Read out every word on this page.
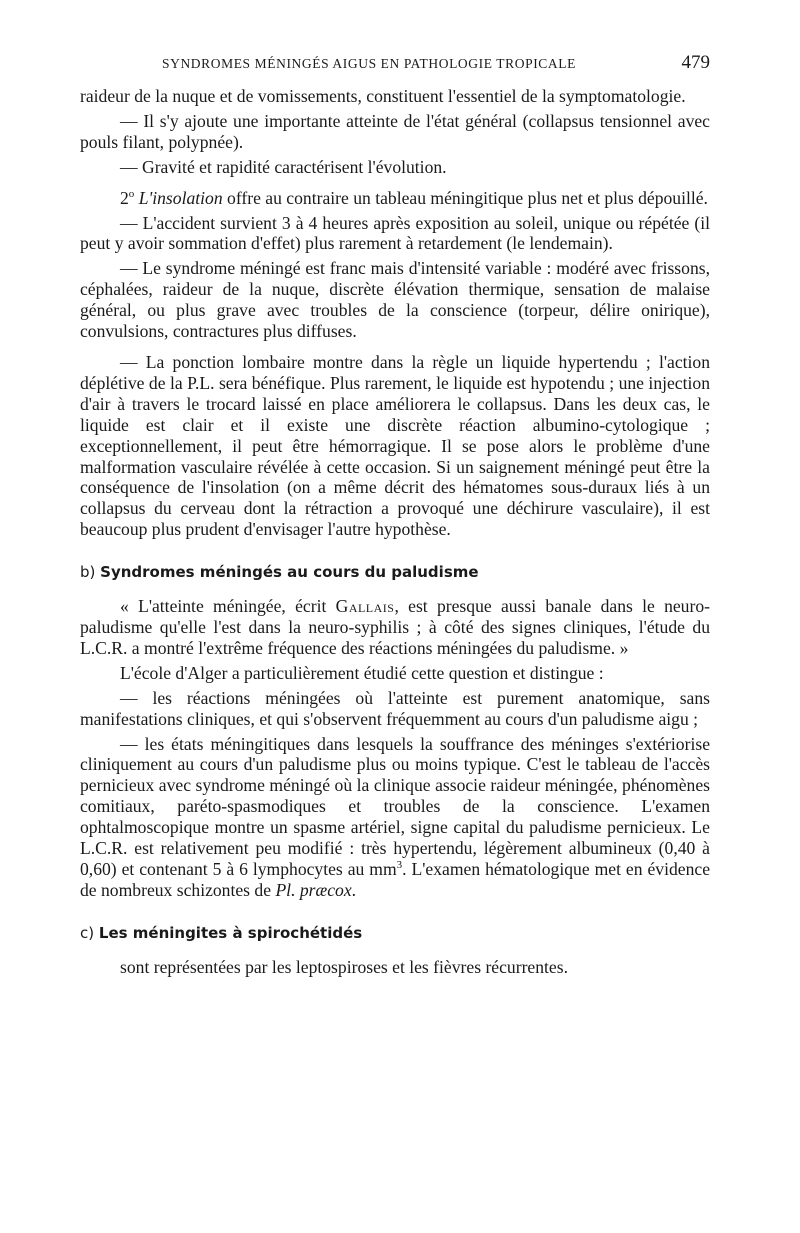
SYNDROMES MÉNINGÉS AIGUS EN PATHOLOGIE TROPICALE	479

raideur de la nuque et de vomissements, constituent l'essentiel de la symptomatologie.

— Il s'y ajoute une importante atteinte de l'état général (collapsus tensionnel avec pouls filant, polypnée).

— Gravité et rapidité caractérisent l'évolution.

2$^o$ L'insolation offre au contraire un tableau méningitique plus net et plus dépouillé.

— L'accident survient 3 à 4 heures après exposition au soleil, unique ou répétée (il peut y avoir sommation d'effet) plus rarement à retardement (le lendemain).

— Le syndrome méningé est franc mais d'intensité variable : modéré avec frissons, céphalées, raideur de la nuque, discrète élévation thermique, sensation de malaise général, ou plus grave avec troubles de la conscience (torpeur, délire onirique), convulsions, contractures plus diffuses.

— La ponction lombaire montre dans la règle un liquide hypertendu ; l'action déplétive de la P.L. sera bénéfique. Plus rarement, le liquide est hypotendu ; une injection d'air à travers le trocard laissé en place améliorera le collapsus. Dans les deux cas, le liquide est clair et il existe une discrète réaction albumino-cytologique ; exceptionnellement, il peut être hémorragique. Il se pose alors le problème d'une malformation vasculaire révélée à cette occasion. Si un saignement méningé peut être la conséquence de l'insolation (on a même décrit des hématomes sous-duraux liés à un collapsus du cerveau dont la rétraction a provoqué une déchirure vasculaire), il est beaucoup plus prudent d'envisager l'autre hypothèse.

b) Syndromes méningés au cours du paludisme

« L'atteinte méningée, écrit Gallais, est presque aussi banale dans le neuro-paludisme qu'elle l'est dans la neuro-syphilis ; à côté des signes cliniques, l'étude du L.C.R. a montré l'extrême fréquence des réactions méningées du paludisme. »

L'école d'Alger a particulièrement étudié cette question et distingue :

— les réactions méningées où l'atteinte est purement anatomique, sans manifestations cliniques, et qui s'observent fréquemment au cours d'un paludisme aigu ;

— les états méningitiques dans lesquels la souffrance des méninges s'extériorise cliniquement au cours d'un paludisme plus ou moins typique. C'est le tableau de l'accès pernicieux avec syndrome méningé où la clinique associe raideur méningée, phénomènes comitiaux, paréto-spasmodiques et troubles de la conscience. L'examen ophtalmoscopique montre un spasme artériel, signe capital du paludisme pernicieux. Le L.C.R. est relativement peu modifié : très hypertendu, légèrement albumineux (0,40 à 0,60) et contenant 5 à 6 lymphocytes au $mm^3$. L'examen hématologique met en évidence de nombreux schizontes de Pl. præcox.

c) Les méningites à spirochétidés

sont représentées par les leptospiroses et les fièvres récurrentes.
